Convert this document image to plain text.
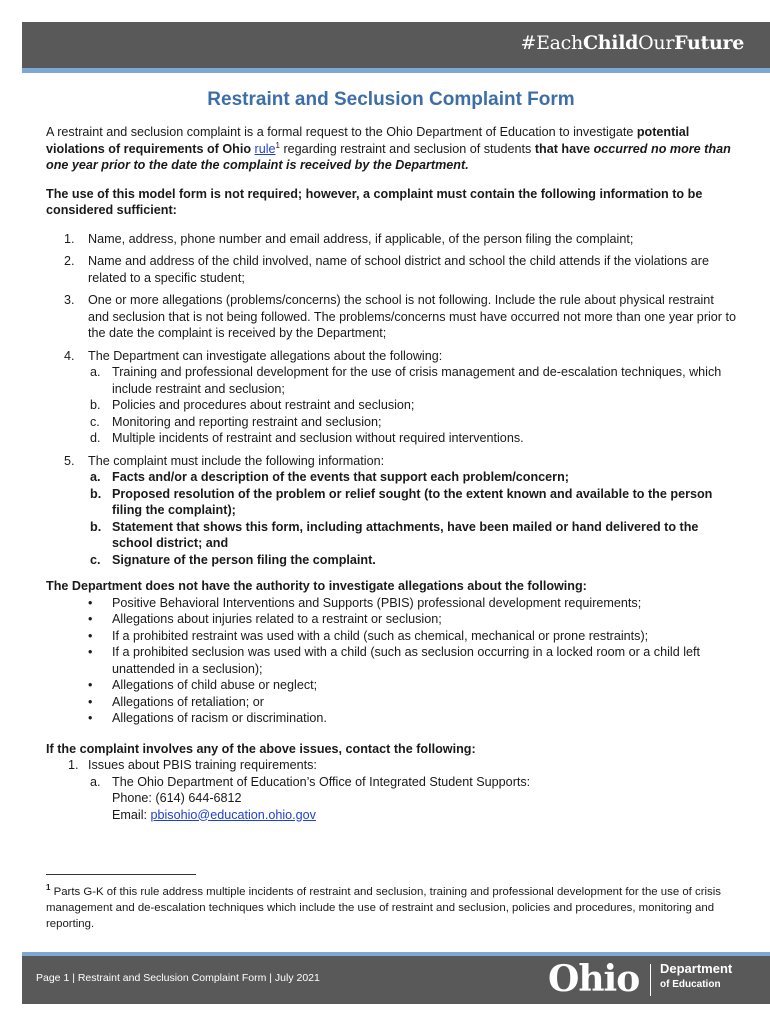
#EachChildOurFuture
Restraint and Seclusion Complaint Form

A restraint and seclusion complaint is a formal request to the Ohio Department of Education to investigate potential violations of requirements of Ohio rule$^1$ regarding restraint and seclusion of students that have occurred no more than one year prior to the date the complaint is received by the Department.

The use of this model form is not required; however, a complaint must contain the following information to be considered sufficient:

1. Name, address, phone number and email address, if applicable, of the person filing the complaint;
2. Name and address of the child involved, name of school district and school the child attends if the violations are related to a specific student;
3. One or more allegations (problems/concerns) the school is not following. Include the rule about physical restraint and seclusion that is not being followed. The problems/concerns must have occurred not more than one year prior to the date the complaint is received by the Department;
4. The Department can investigate allegations about the following:
a. Training and professional development for the use of crisis management and de-escalation techniques, which include restraint and seclusion;
b. Policies and procedures about restraint and seclusion;
c. Monitoring and reporting restraint and seclusion;
d. Multiple incidents of restraint and seclusion without required interventions.
5. The complaint must include the following information:
a. Facts and/or a description of the events that support each problem/concern;
b. Proposed resolution of the problem or relief sought (to the extent known and available to the person filing the complaint);
b. Statement that shows this form, including attachments, have been mailed or hand delivered to the school district; and
c. Signature of the person filing the complaint.

The Department does not have the authority to investigate allegations about the following:

• Positive Behavioral Interventions and Supports (PBIS) professional development requirements;
• Allegations about injuries related to a restraint or seclusion;
• If a prohibited restraint was used with a child (such as chemical, mechanical or prone restraints);
• If a prohibited seclusion was used with a child (such as seclusion occurring in a locked room or a child left unattended in a seclusion);
• Allegations of child abuse or neglect;
• Allegations of retaliation; or
• Allegations of racism or discrimination.

If the complaint involves any of the above issues, contact the following:

1. Issues about PBIS training requirements:
a. The Ohio Department of Education’s Office of Integrated Student Supports:
Phone: (614) 644-6812
Email: pbisohio@education.ohio.gov

$^1$ Parts G-K of this rule address multiple incidents of restraint and seclusion, training and professional development for the use of crisis management and de-escalation techniques which include the use of restraint and seclusion, policies and procedures, monitoring and reporting.

Page 1 | Restraint and Seclusion Complaint Form | July 2021	Ohio Department
of Education
